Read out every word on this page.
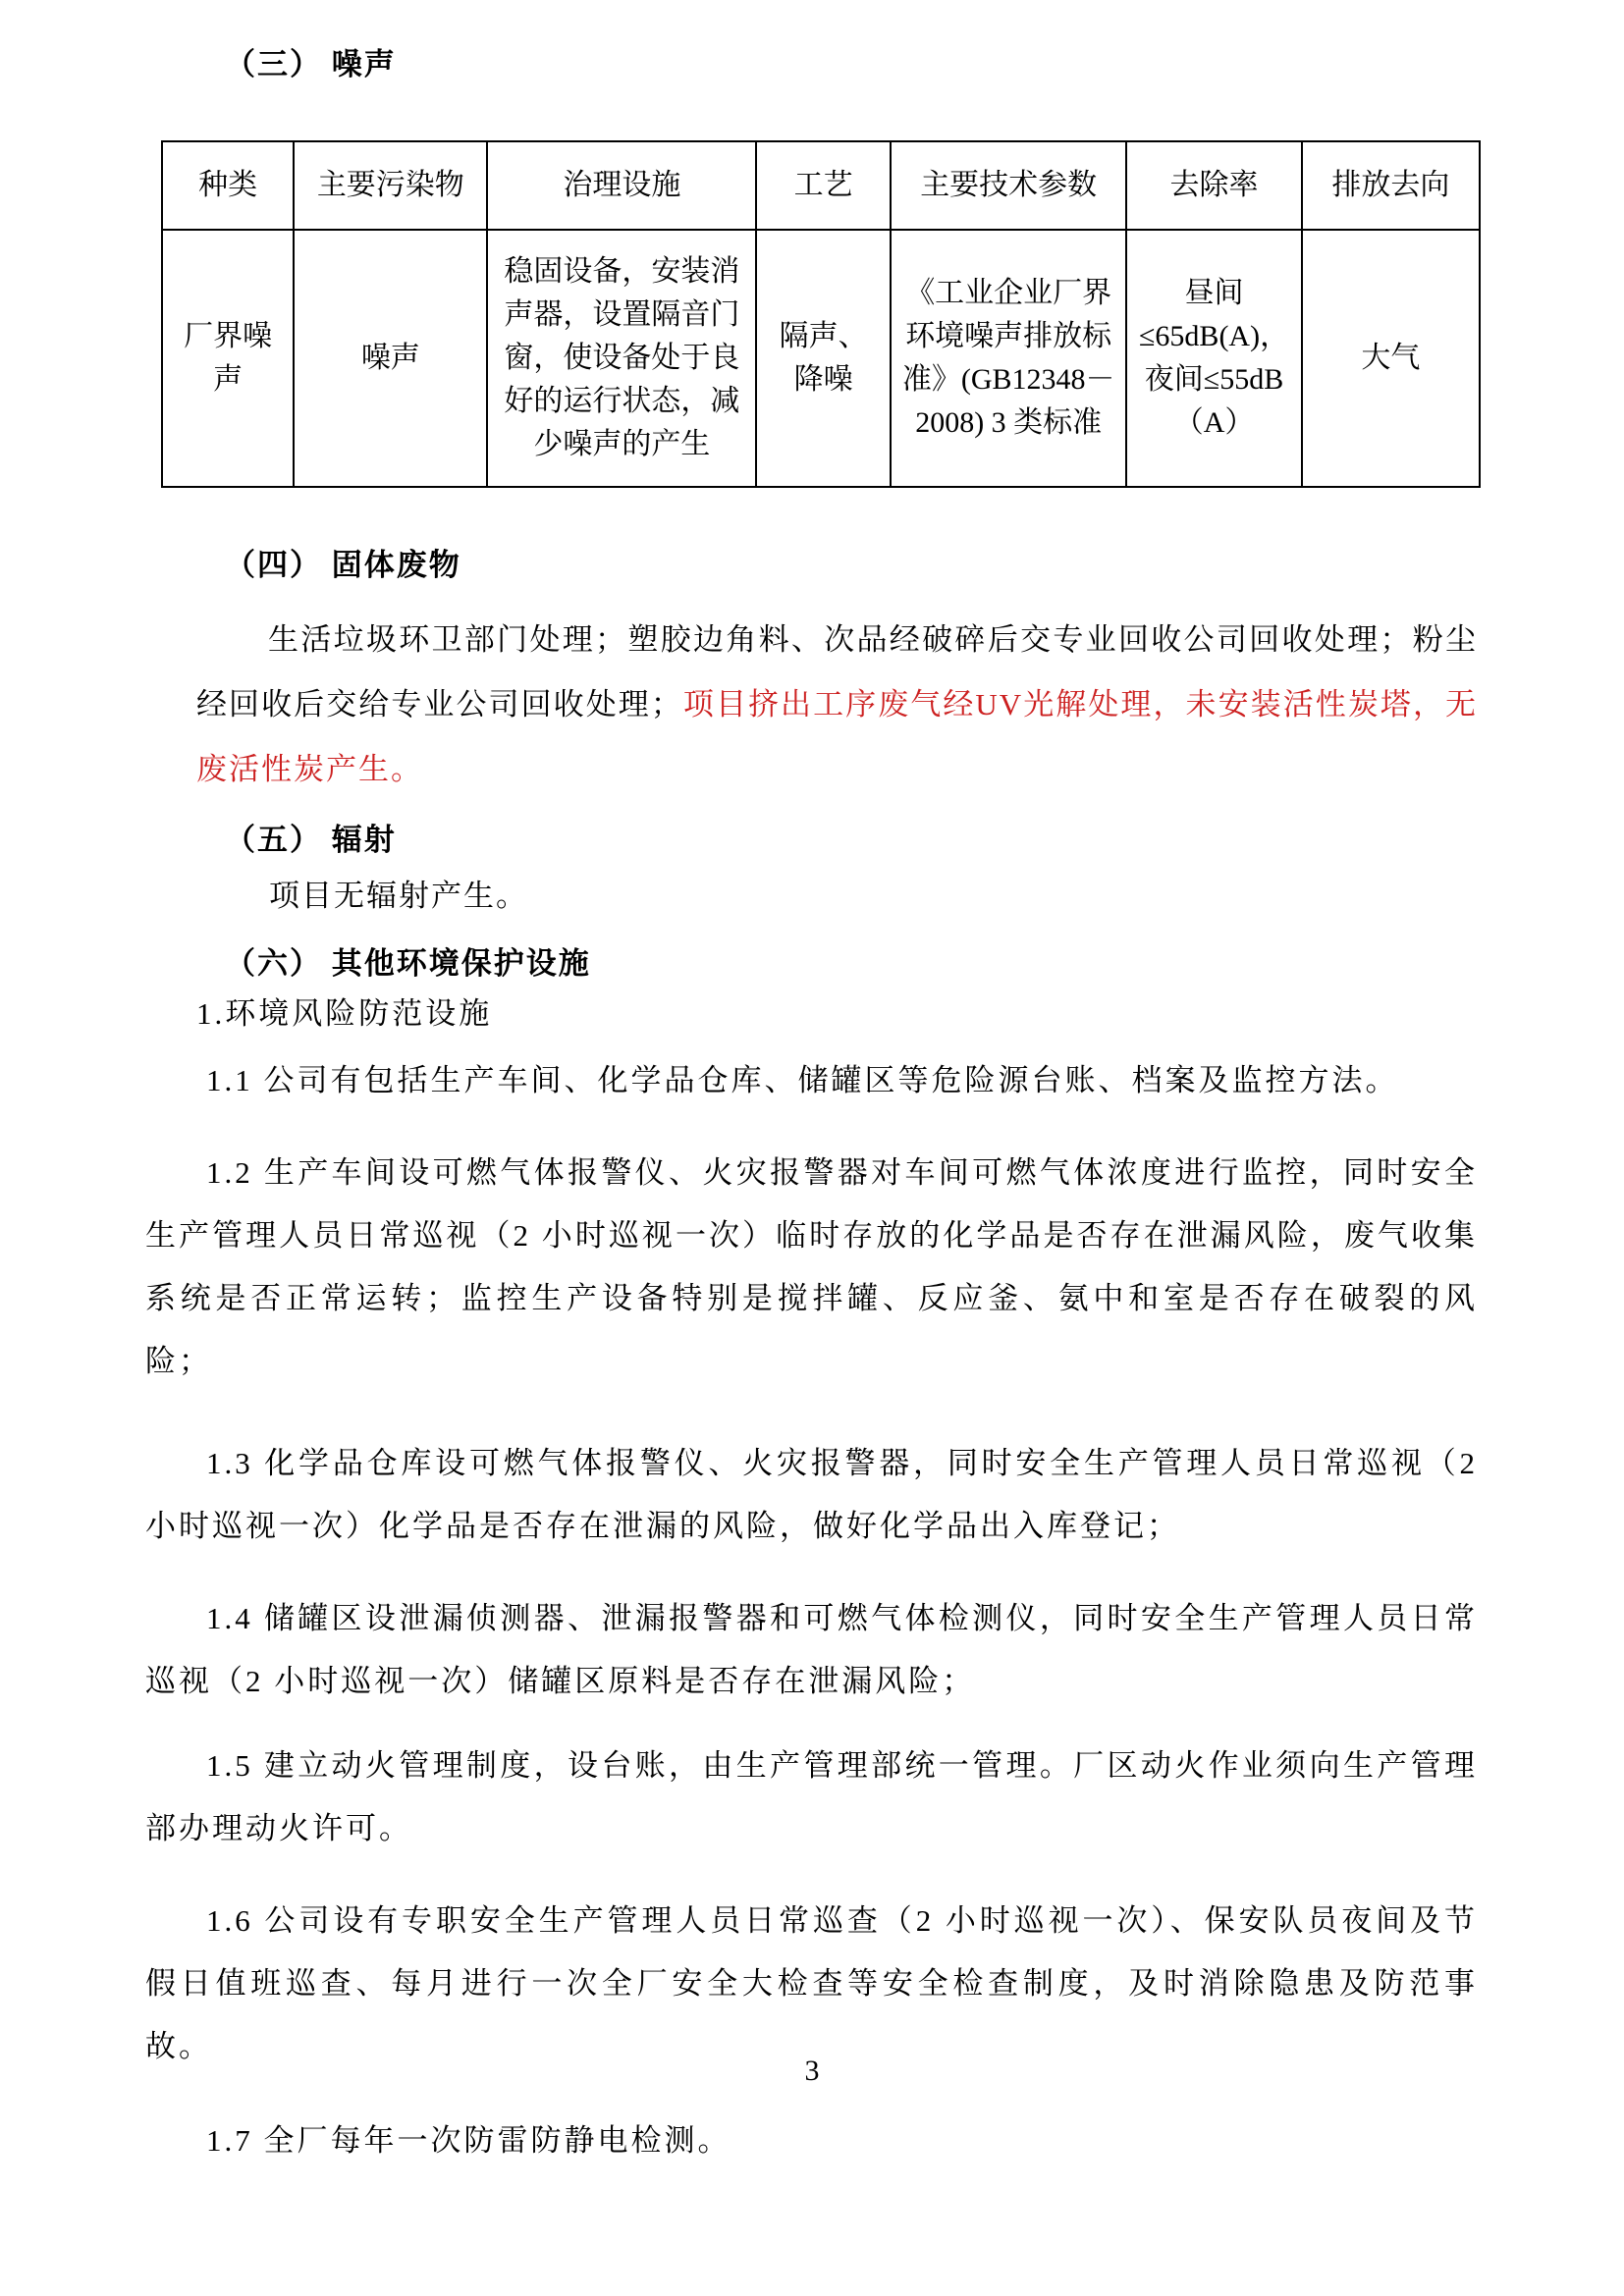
（三） 噪声
种类	主要污染物	治理设施	工艺	主要技术参数	去除率	排放去向
厂界噪声	噪声	稳固设备，安装消声器，设置隔音门窗，使设备处于良好的运行状态，减少噪声的产生	隔声、降噪	《工业企业厂界环境噪声排放标准》(GB12348－2008) 3 类标准	昼间≤65dB(A)，夜间≤55dB（A）	大气
（四） 固体废物

生活垃圾环卫部门处理；塑胶边角料、次品经破碎后交专业回收公司回收处理；粉尘经回收后交给专业公司回收处理；项目挤出工序废气经UV光解处理，未安装活性炭塔，无废活性炭产生。

（五） 辐射

项目无辐射产生。

（六） 其他环境保护设施

1.环境风险防范设施

1.1 公司有包括生产车间、化学品仓库、储罐区等危险源台账、档案及监控方法。

1.2 生产车间设可燃气体报警仪、火灾报警器对车间可燃气体浓度进行监控，同时安全生产管理人员日常巡视（2 小时巡视一次）临时存放的化学品是否存在泄漏风险，废气收集系统是否正常运转；监控生产设备特别是搅拌罐、反应釜、氨中和室是否存在破裂的风险；

1.3 化学品仓库设可燃气体报警仪、火灾报警器，同时安全生产管理人员日常巡视（2 小时巡视一次）化学品是否存在泄漏的风险，做好化学品出入库登记；

1.4 储罐区设泄漏侦测器、泄漏报警器和可燃气体检测仪，同时安全生产管理人员日常巡视（2 小时巡视一次）储罐区原料是否存在泄漏风险；

1.5 建立动火管理制度，设台账，由生产管理部统一管理。厂区动火作业须向生产管理部办理动火许可。

1.6 公司设有专职安全生产管理人员日常巡查（2 小时巡视一次）、保安队员夜间及节假日值班巡查、每月进行一次全厂安全大检查等安全检查制度，及时消除隐患及防范事故。

1.7 全厂每年一次防雷防静电检测。

3
